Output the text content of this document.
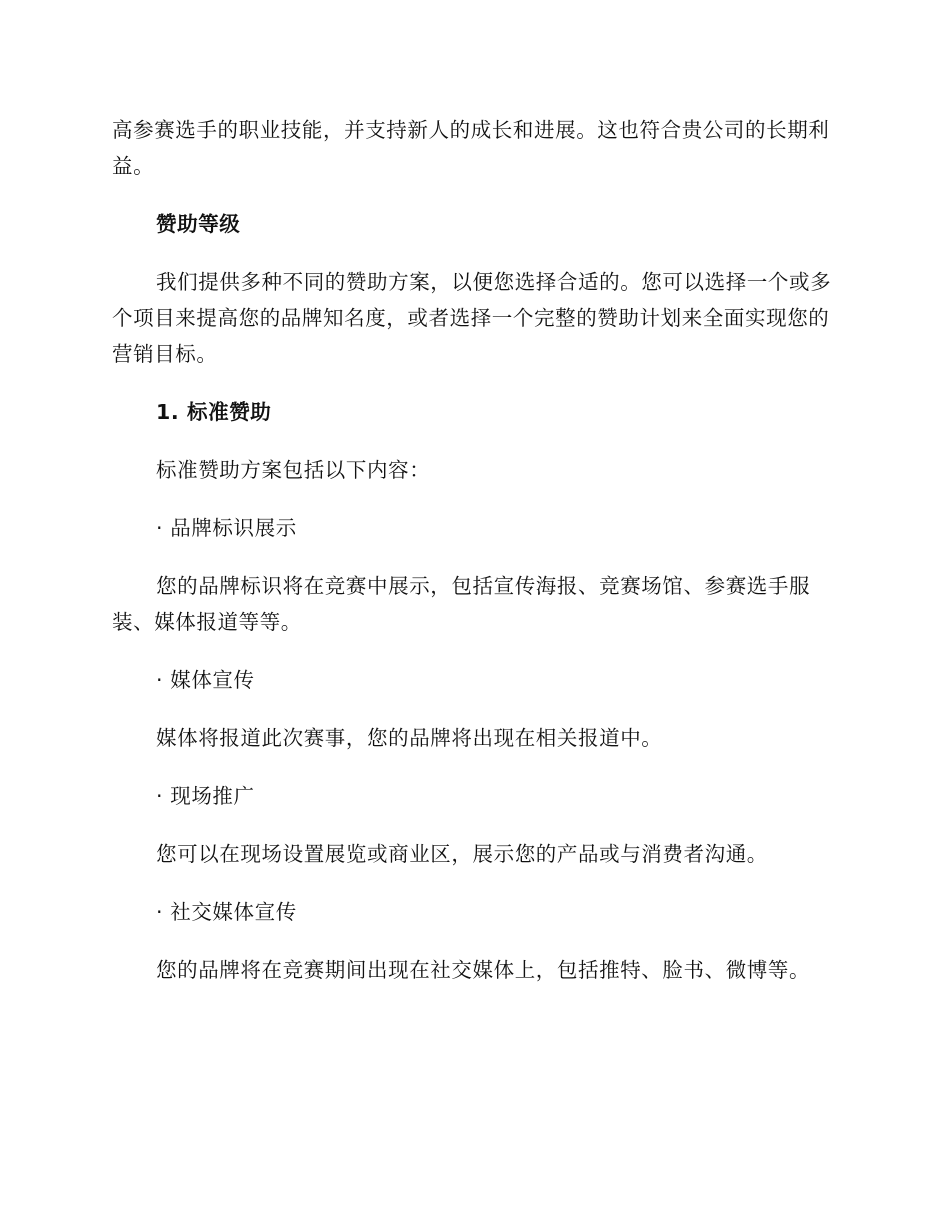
高参赛选手的职业技能，并支持新人的成长和进展。这也符合贵公司的长期利益。

赞助等级

我们提供多种不同的赞助方案，以便您选择合适的。您可以选择一个或多个项目来提高您的品牌知名度，或者选择一个完整的赞助计划来全面实现您的营销目标。

1. 标准赞助

标准赞助方案包括以下内容：

· 品牌标识展示

您的品牌标识将在竞赛中展示，包括宣传海报、竞赛场馆、参赛选手服装、媒体报道等等。

· 媒体宣传

媒体将报道此次赛事，您的品牌将出现在相关报道中。

· 现场推广

您可以在现场设置展览或商业区，展示您的产品或与消费者沟通。

· 社交媒体宣传

您的品牌将在竞赛期间出现在社交媒体上，包括推特、脸书、微博等。
